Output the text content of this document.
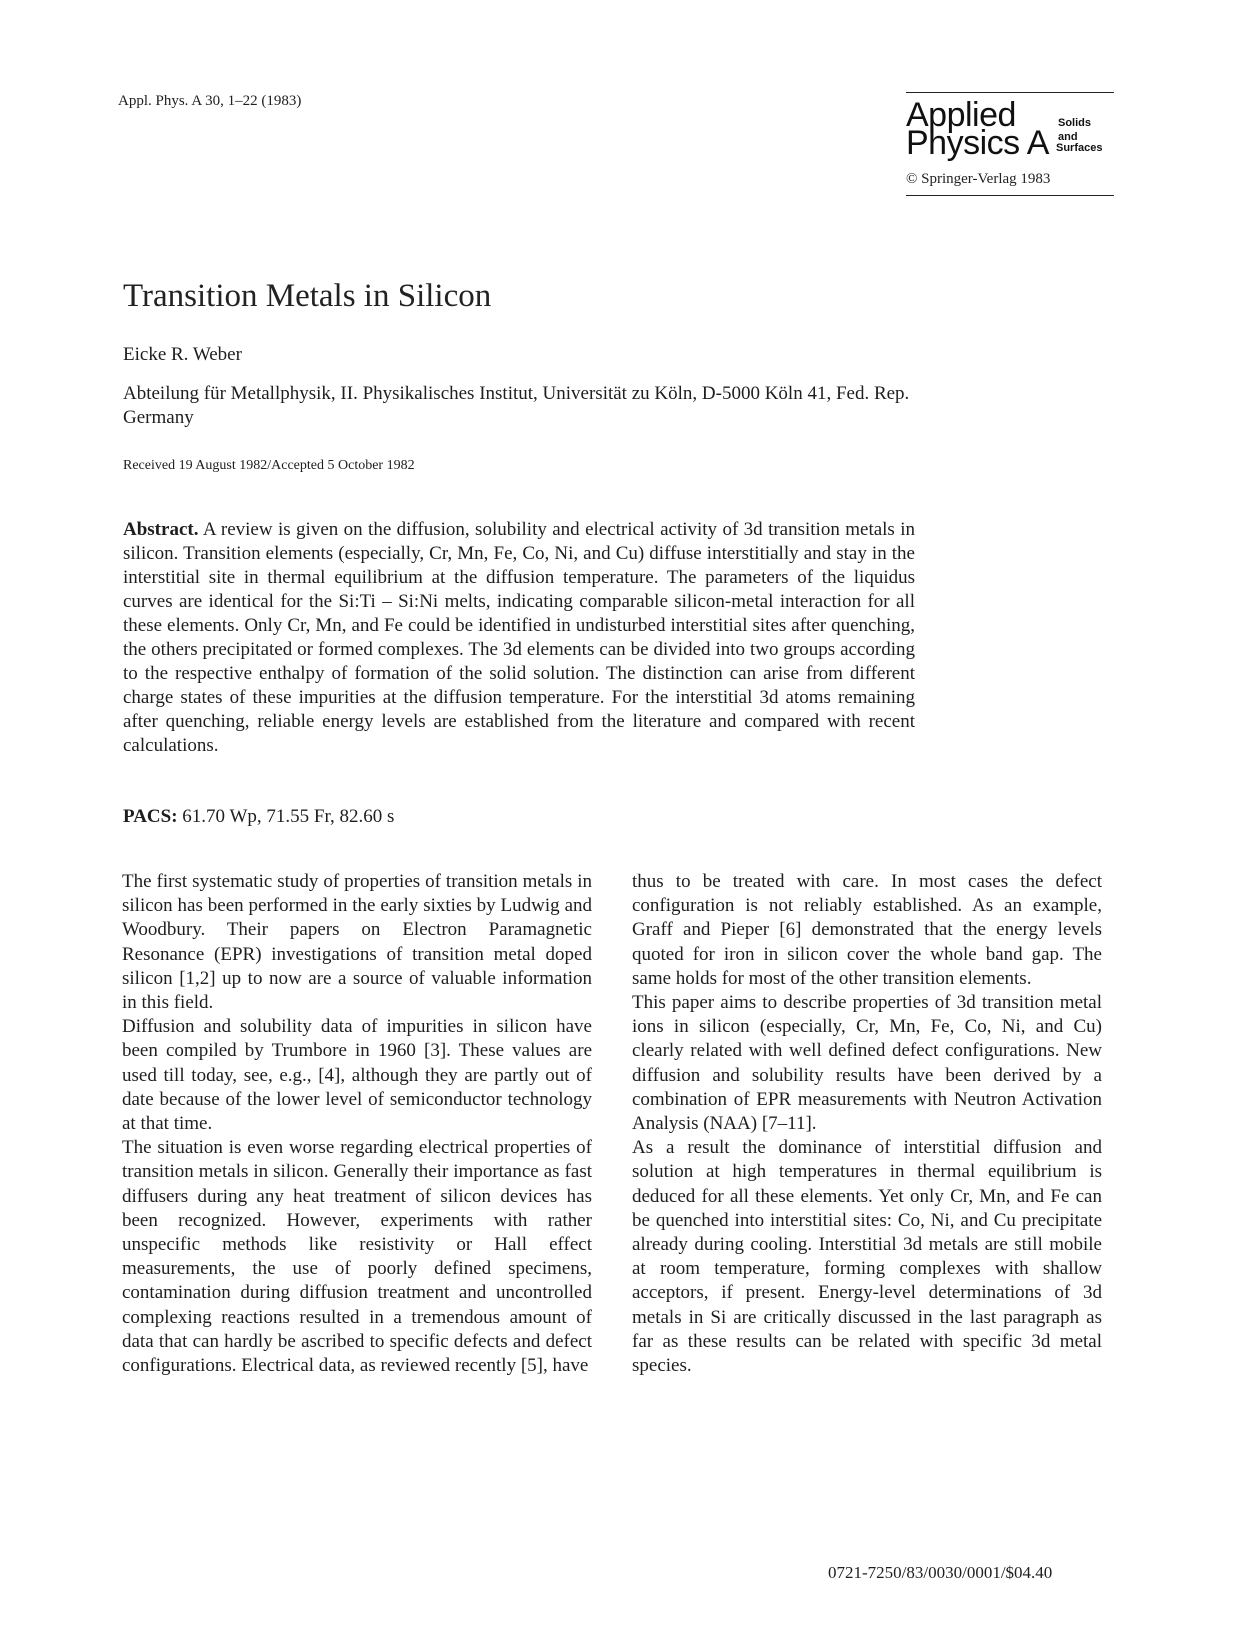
Appl. Phys. A 30, 1–22 (1983)	Applied
Physics A
Solids
and
Surfaces
© Springer-Verlag 1983
Transition Metals in Silicon
Eicke R. Weber
Abteilung für Metallphysik, II. Physikalisches Institut, Universität zu Köln, D-5000 Köln 41, Fed. Rep. Germany
Received 19 August 1982/Accepted 5 October 1982
Abstract. A review is given on the diffusion, solubility and electrical activity of 3d transition metals in silicon. Transition elements (especially, Cr, Mn, Fe, Co, Ni, and Cu) diffuse interstitially and stay in the interstitial site in thermal equilibrium at the diffusion temperature. The parameters of the liquidus curves are identical for the Si:Ti – Si:Ni melts, indicating comparable silicon-metal interaction for all these elements. Only Cr, Mn, and Fe could be identified in undisturbed interstitial sites after quenching, the others precipitated or formed complexes. The 3d elements can be divided into two groups according to the respective enthalpy of formation of the solid solution. The distinction can arise from different charge states of these impurities at the diffusion temperature. For the interstitial 3d atoms remaining after quenching, reliable energy levels are established from the literature and compared with recent calculations.
PACS: 61.70 Wp, 71.55 Fr, 82.60 s

The first systematic study of properties of transition metals in silicon has been performed in the early sixties by Ludwig and Woodbury. Their papers on Electron Paramagnetic Resonance (EPR) investigations of transition metal doped silicon [1,2] up to now are a source of valuable information in this field.

Diffusion and solubility data of impurities in silicon have been compiled by Trumbore in 1960 [3]. These values are used till today, see, e.g., [4], although they are partly out of date because of the lower level of semiconductor technology at that time.

The situation is even worse regarding electrical properties of transition metals in silicon. Generally their importance as fast diffusers during any heat treatment of silicon devices has been recognized. However, experiments with rather unspecific methods like resistivity or Hall effect measurements, the use of poorly defined specimens, contamination during diffusion treatment and uncontrolled complexing reactions resulted in a tremendous amount of data that can hardly be ascribed to specific defects and defect configurations. Electrical data, as reviewed recently [5], have

thus to be treated with care. In most cases the defect configuration is not reliably established. As an example, Graff and Pieper [6] demonstrated that the energy levels quoted for iron in silicon cover the whole band gap. The same holds for most of the other transition elements.

This paper aims to describe properties of 3d transition metal ions in silicon (especially, Cr, Mn, Fe, Co, Ni, and Cu) clearly related with well defined defect configurations. New diffusion and solubility results have been derived by a combination of EPR measurements with Neutron Activation Analysis (NAA) [7–11].

As a result the dominance of interstitial diffusion and solution at high temperatures in thermal equilibrium is deduced for all these elements. Yet only Cr, Mn, and Fe can be quenched into interstitial sites: Co, Ni, and Cu precipitate already during cooling. Interstitial 3d metals are still mobile at room temperature, forming complexes with shallow acceptors, if present. Energy-level determinations of 3d metals in Si are critically discussed in the last paragraph as far as these results can be related with specific 3d metal species.

0721-7250/83/0030/0001/$04.40
